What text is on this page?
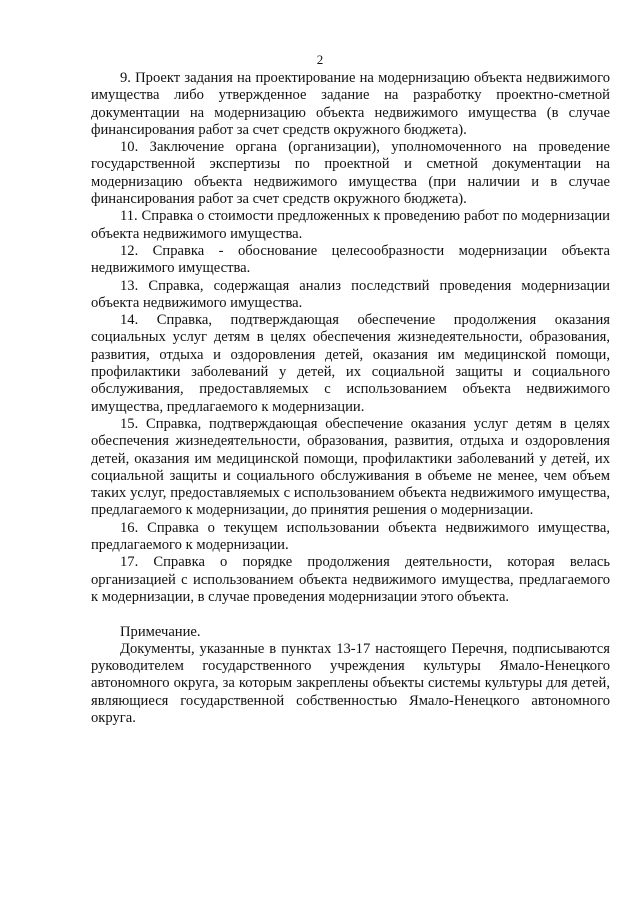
2

9. Проект задания на проектирование на модернизацию объекта недвижимого имущества либо утвержденное задание на разработку проектно-сметной документации на модернизацию объекта недвижимого имущества (в случае финансирования работ за счет средств окружного бюджета).

10. Заключение органа (организации), уполномоченного на проведение государственной экспертизы по проектной и сметной документации на модернизацию объекта недвижимого имущества (при наличии и в случае финансирования работ за счет средств окружного бюджета).

11. Справка о стоимости предложенных к проведению работ по модернизации объекта недвижимого имущества.

12. Справка - обоснование целесообразности модернизации объекта недвижимого имущества.

13. Справка, содержащая анализ последствий проведения модернизации объекта недвижимого имущества.

14. Справка, подтверждающая обеспечение продолжения оказания социальных услуг детям в целях обеспечения жизнедеятельности, образования, развития, отдыха и оздоровления детей, оказания им медицинской помощи, профилактики заболеваний у детей, их социальной защиты и социального обслуживания, предоставляемых с использованием объекта недвижимого имущества, предлагаемого к модернизации.

15. Справка, подтверждающая обеспечение оказания услуг детям в целях обеспечения жизнедеятельности, образования, развития, отдыха и оздоровления детей, оказания им медицинской помощи, профилактики заболеваний у детей, их социальной защиты и социального обслуживания в объеме не менее, чем объем таких услуг, предоставляемых с использованием объекта недвижимого имущества, предлагаемого к модернизации, до принятия решения о модернизации.

16. Справка о текущем использовании объекта недвижимого имущества, предлагаемого к модернизации.

17. Справка о порядке продолжения деятельности, которая велась организацией с использованием объекта недвижимого имущества, предлагаемого к модернизации, в случае проведения модернизации этого объекта.

Примечание.

Документы, указанные в пунктах 13-17 настоящего Перечня, подписываются руководителем государственного учреждения культуры Ямало-Ненецкого автономного округа, за которым закреплены объекты системы культуры для детей, являющиеся государственной собственностью Ямало-Ненецкого автономного округа.
